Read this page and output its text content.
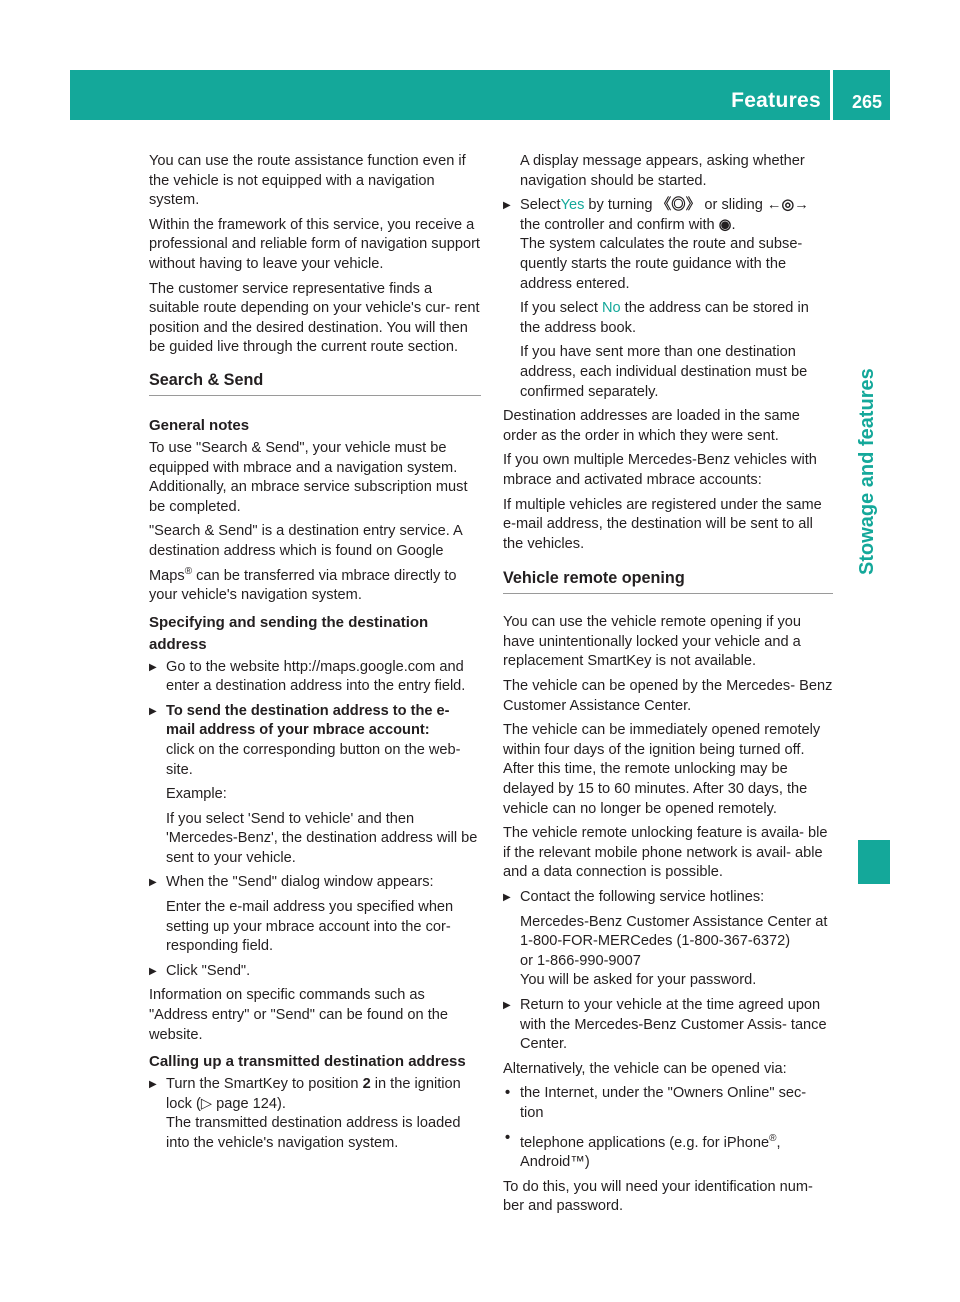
Features 265
Stowage and features

You can use the route assistance function even if the vehicle is not equipped with a navigation system.

Within the framework of this service, you receive a professional and reliable form of navigation support without having to leave your vehicle.

The customer service representative finds a suitable route depending on your vehicle's cur- rent position and the desired destination. You will then be guided live through the current route section.

Search & Send
General notes

To use "Search & Send", your vehicle must be equipped with mbrace and a navigation system. Additionally, an mbrace service subscription must be completed.

"Search & Send" is a destination entry service. A destination address which is found on Google Maps® can be transferred via mbrace directly to your vehicle's navigation system.

Specifying and sending the destination address
▶ Go to the website http://maps.google.com and enter a destination address into the entry field.
▶ To send the destination address to the e- mail address of your mbrace account:
click on the corresponding button on the web- site.
Example:
If you select 'Send to vehicle' and then 'Mercedes-Benz', the destination address will be sent to your vehicle.
▶ When the "Send" dialog window appears:
Enter the e-mail address you specified when setting up your mbrace account into the cor- responding field.
▶ Click "Send".

Information on specific commands such as "Address entry" or "Send" can be found on the website.

Calling up a transmitted destination address
▶ Turn the SmartKey to position 2 in the ignition lock (▷ page 124).
The transmitted destination address is loaded into the vehicle's navigation system.

A display message appears, asking whether navigation should be started.

▶ SelectYes by turning 《◎》 or sliding ←◎→ the controller and confirm with ◉.
The system calculates the route and subse- quently starts the route guidance with the address entered.
If you select No the address can be stored in the address book.
If you have sent more than one destination address, each individual destination must be confirmed separately.

Destination addresses are loaded in the same order as the order in which they were sent.

If you own multiple Mercedes-Benz vehicles with mbrace and activated mbrace accounts:

If multiple vehicles are registered under the same e-mail address, the destination will be sent to all the vehicles.

Vehicle remote opening

You can use the vehicle remote opening if you have unintentionally locked your vehicle and a replacement SmartKey is not available.

The vehicle can be opened by the Mercedes- Benz Customer Assistance Center.

The vehicle can be immediately opened remotely within four days of the ignition being turned off. After this time, the remote unlocking may be delayed by 15 to 60 minutes. After 30 days, the vehicle can no longer be opened remotely.

The vehicle remote unlocking feature is availa- ble if the relevant mobile phone network is avail- able and a data connection is possible.

▶ Contact the following service hotlines:
Mercedes-Benz Customer Assistance Center at 1-800-FOR-MERCedes (1-800-367-6372)
or 1-866-990-9007
You will be asked for your password.
▶ Return to your vehicle at the time agreed upon with the Mercedes-Benz Customer Assis- tance Center.

Alternatively, the vehicle can be opened via:

• the Internet, under the "Owners Online" sec- tion
• telephone applications (e.g. for iPhone®, Android™)

To do this, you will need your identification num- ber and password.
